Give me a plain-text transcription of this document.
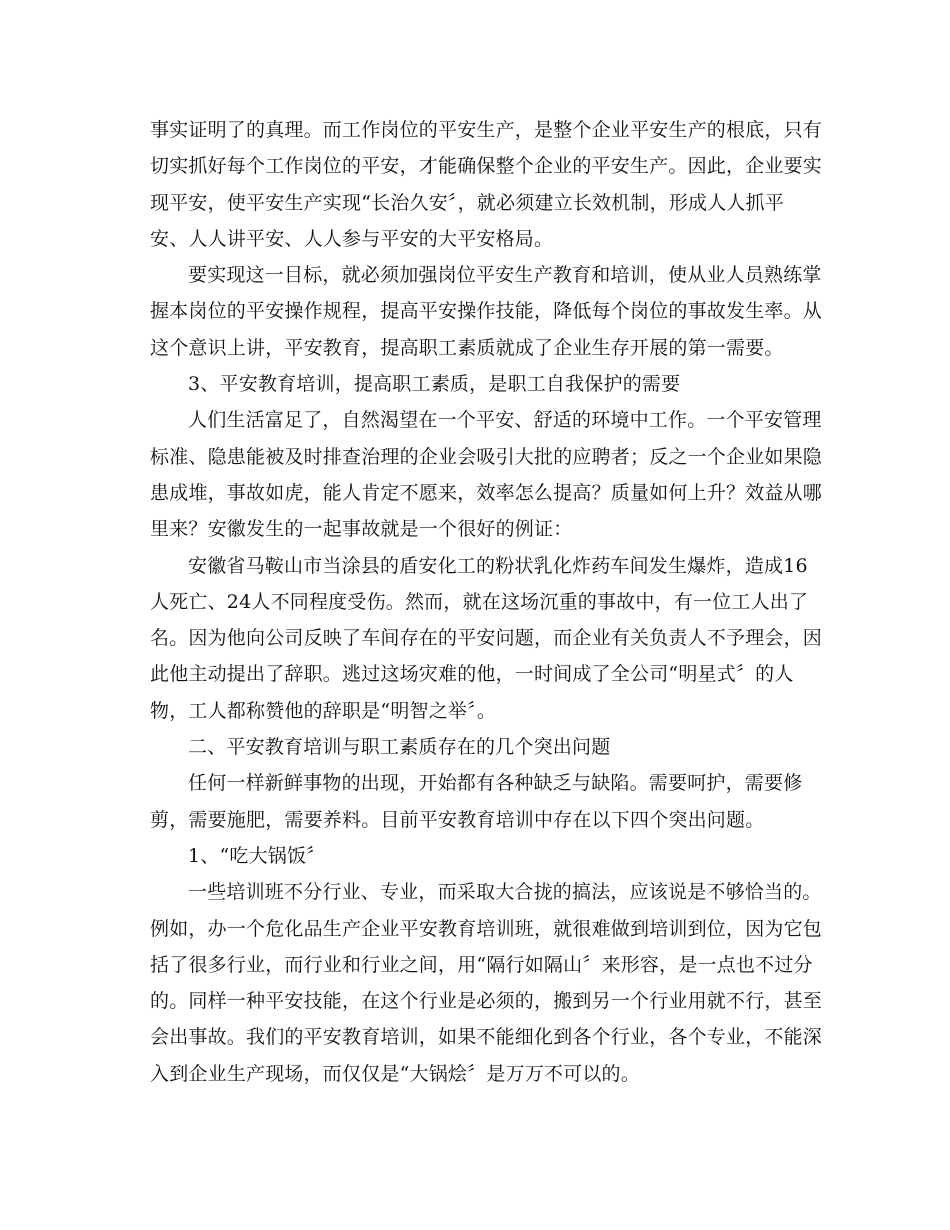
事实证明了的真理。而工作岗位的平安生产，是整个企业平安生产的根底，只有
切实抓好每个工作岗位的平安，才能确保整个企业的平安生产。因此，企业要实
现平安，使平安生产实现“长治久安〞，就必须建立长效机制，形成人人抓平
安、人人讲平安、人人参与平安的大平安格局。
要实现这一目标，就必须加强岗位平安生产教育和培训，使从业人员熟练掌
握本岗位的平安操作规程，提高平安操作技能，降低每个岗位的事故发生率。从
这个意识上讲，平安教育，提高职工素质就成了企业生存开展的第一需要。
3、平安教育培训，提高职工素质，是职工自我保护的需要
人们生活富足了，自然渴望在一个平安、舒适的环境中工作。一个平安管理
标准、隐患能被及时排查治理的企业会吸引大批的应聘者；反之一个企业如果隐
患成堆，事故如虎，能人肯定不愿来，效率怎么提高？质量如何上升？效益从哪
里来？安徽发生的一起事故就是一个很好的例证：
安徽省马鞍山市当涂县的盾安化工的粉状乳化炸药车间发生爆炸，造成16
人死亡、24人不同程度受伤。然而，就在这场沉重的事故中，有一位工人出了
名。因为他向公司反映了车间存在的平安问题，而企业有关负责人不予理会，因
此他主动提出了辞职。逃过这场灾难的他，一时间成了全公司“明星式〞的人
物，工人都称赞他的辞职是“明智之举〞。
二、平安教育培训与职工素质存在的几个突出问题
任何一样新鲜事物的出现，开始都有各种缺乏与缺陷。需要呵护，需要修
剪，需要施肥，需要养料。目前平安教育培训中存在以下四个突出问题。
1、“吃大锅饭〞
一些培训班不分行业、专业，而采取大合拢的搞法，应该说是不够恰当的。
例如，办一个危化品生产企业平安教育培训班，就很难做到培训到位，因为它包
括了很多行业，而行业和行业之间，用“隔行如隔山〞来形容，是一点也不过分
的。同样一种平安技能，在这个行业是必须的，搬到另一个行业用就不行，甚至
会出事故。我们的平安教育培训，如果不能细化到各个行业，各个专业，不能深
入到企业生产现场，而仅仅是“大锅烩〞是万万不可以的。
